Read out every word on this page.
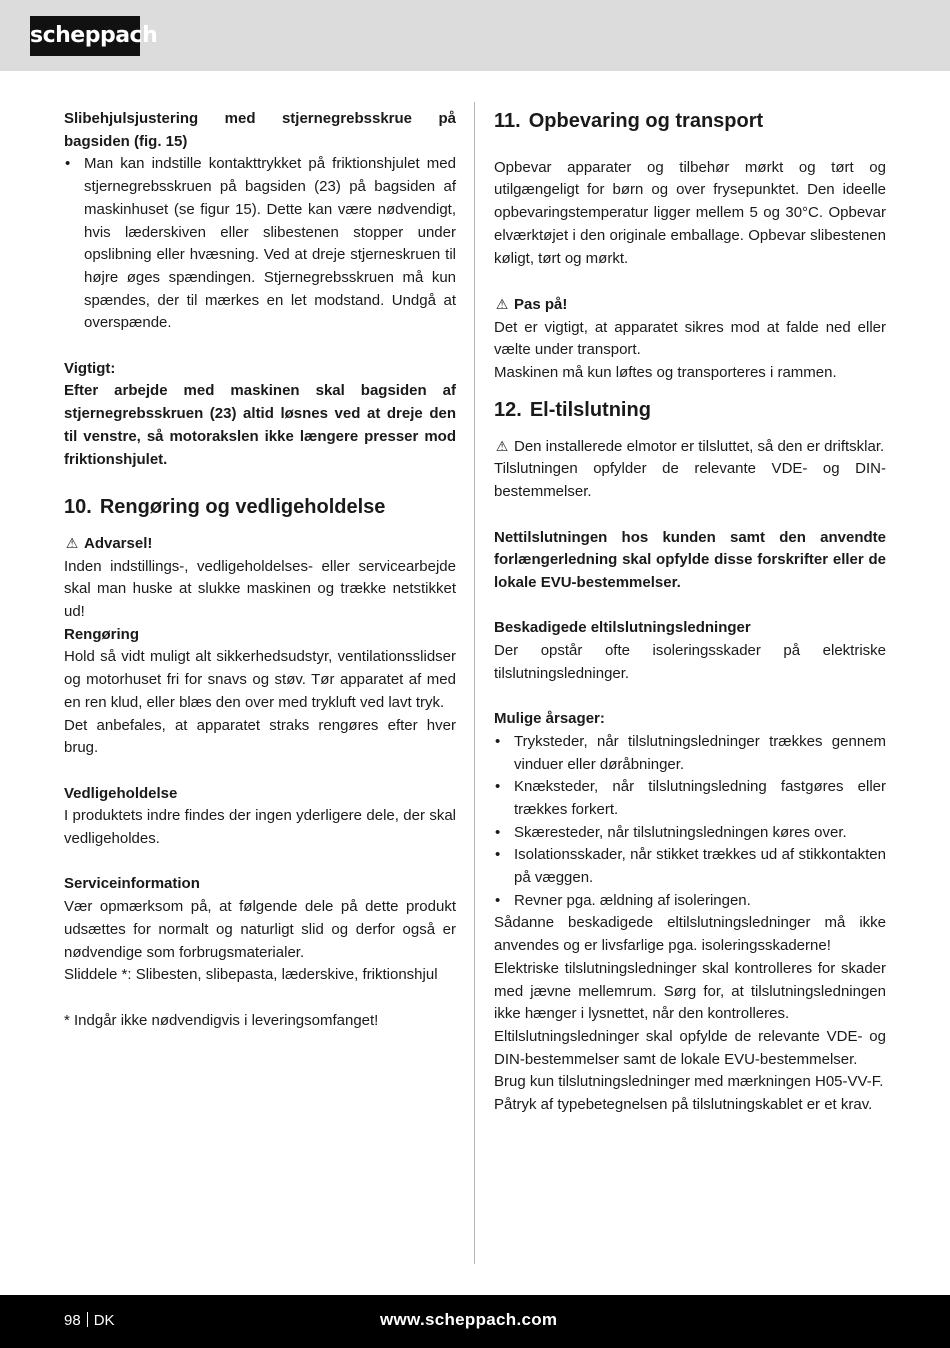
scheppach

Slibehjulsjustering med stjernegrebsskrue på bagsiden (fig. 15)

• Man kan indstille kontakttrykket på friktionshjulet med stjernegrebsskruen på bagsiden (23) på bagsiden af maskinhuset (se figur 15). Dette kan være nødvendigt, hvis læderskiven eller slibestenen stopper under opslibning eller hvæsning. Ved at dreje stjerneskruen til højre øges spændingen. Stjernegrebsskruen må kun spændes, der til mærkes en let modstand. Undgå at overspænde.

Vigtigt:

Efter arbejde med maskinen skal bagsiden af stjernegrebsskruen (23) altid løsnes ved at dreje den til venstre, så motorakslen ikke længere presser mod friktionshjulet.

10. Rengøring og vedligeholdelse

⚠ Advarsel!

Inden indstillings-, vedligeholdelses- eller servicearbejde skal man huske at slukke maskinen og trække netstikket ud!

Rengøring

Hold så vidt muligt alt sikkerhedsudstyr, ventilationsslidser og motorhuset fri for snavs og støv. Tør apparatet af med en ren klud, eller blæs den over med trykluft ved lavt tryk.

Det anbefales, at apparatet straks rengøres efter hver brug.

Vedligeholdelse

I produktets indre findes der ingen yderligere dele, der skal vedligeholdes.

Serviceinformation

Vær opmærksom på, at følgende dele på dette produkt udsættes for normalt og naturligt slid og derfor også er nødvendige som forbrugsmaterialer.

Sliddele *: Slibesten, slibepasta, læderskive, friktionshjul

* Indgår ikke nødvendigvis i leveringsomfanget!

11. Opbevaring og transport

Opbevar apparater og tilbehør mørkt og tørt og utilgængeligt for børn og over frysepunktet. Den ideelle opbevaringstemperatur ligger mellem 5 og 30°C. Opbevar elværktøjet i den originale emballage. Opbevar slibestenen køligt, tørt og mørkt.

⚠ Pas på!

Det er vigtigt, at apparatet sikres mod at falde ned eller vælte under transport.

Maskinen må kun løftes og transporteres i rammen.

12. El-tilslutning

⚠ Den installerede elmotor er tilsluttet, så den er driftsklar.

Tilslutningen opfylder de relevante VDE- og DIN-bestemmelser.

Nettilslutningen hos kunden samt den anvendte forlængerledning skal opfylde disse forskrifter eller de lokale EVU-bestemmelser.

Beskadigede eltilslutningsledninger

Der opstår ofte isoleringsskader på elektriske tilslutningsledninger.

Mulige årsager:

• Tryksteder, når tilslutningsledninger trækkes gennem vinduer eller døråbninger.
• Knæksteder, når tilslutningsledning fastgøres eller trækkes forkert.
• Skæresteder, når tilslutningsledningen køres over.
• Isolationsskader, når stikket trækkes ud af stikkontakten på væggen.
• Revner pga. ældning af isoleringen.

Sådanne beskadigede eltilslutningsledninger må ikke anvendes og er livsfarlige pga. isoleringsskaderne!

Elektriske tilslutningsledninger skal kontrolleres for skader med jævne mellemrum. Sørg for, at tilslutningsledningen ikke hænger i lysnettet, når den kontrolleres.

Eltilslutningsledninger skal opfylde de relevante VDE- og DIN-bestemmelser samt de lokale EVU-bestemmelser.

Brug kun tilslutningsledninger med mærkningen H05-VV-F.

Påtryk af typebetegnelsen på tilslutningskablet er et krav.

98 DK	www.scheppach.com
